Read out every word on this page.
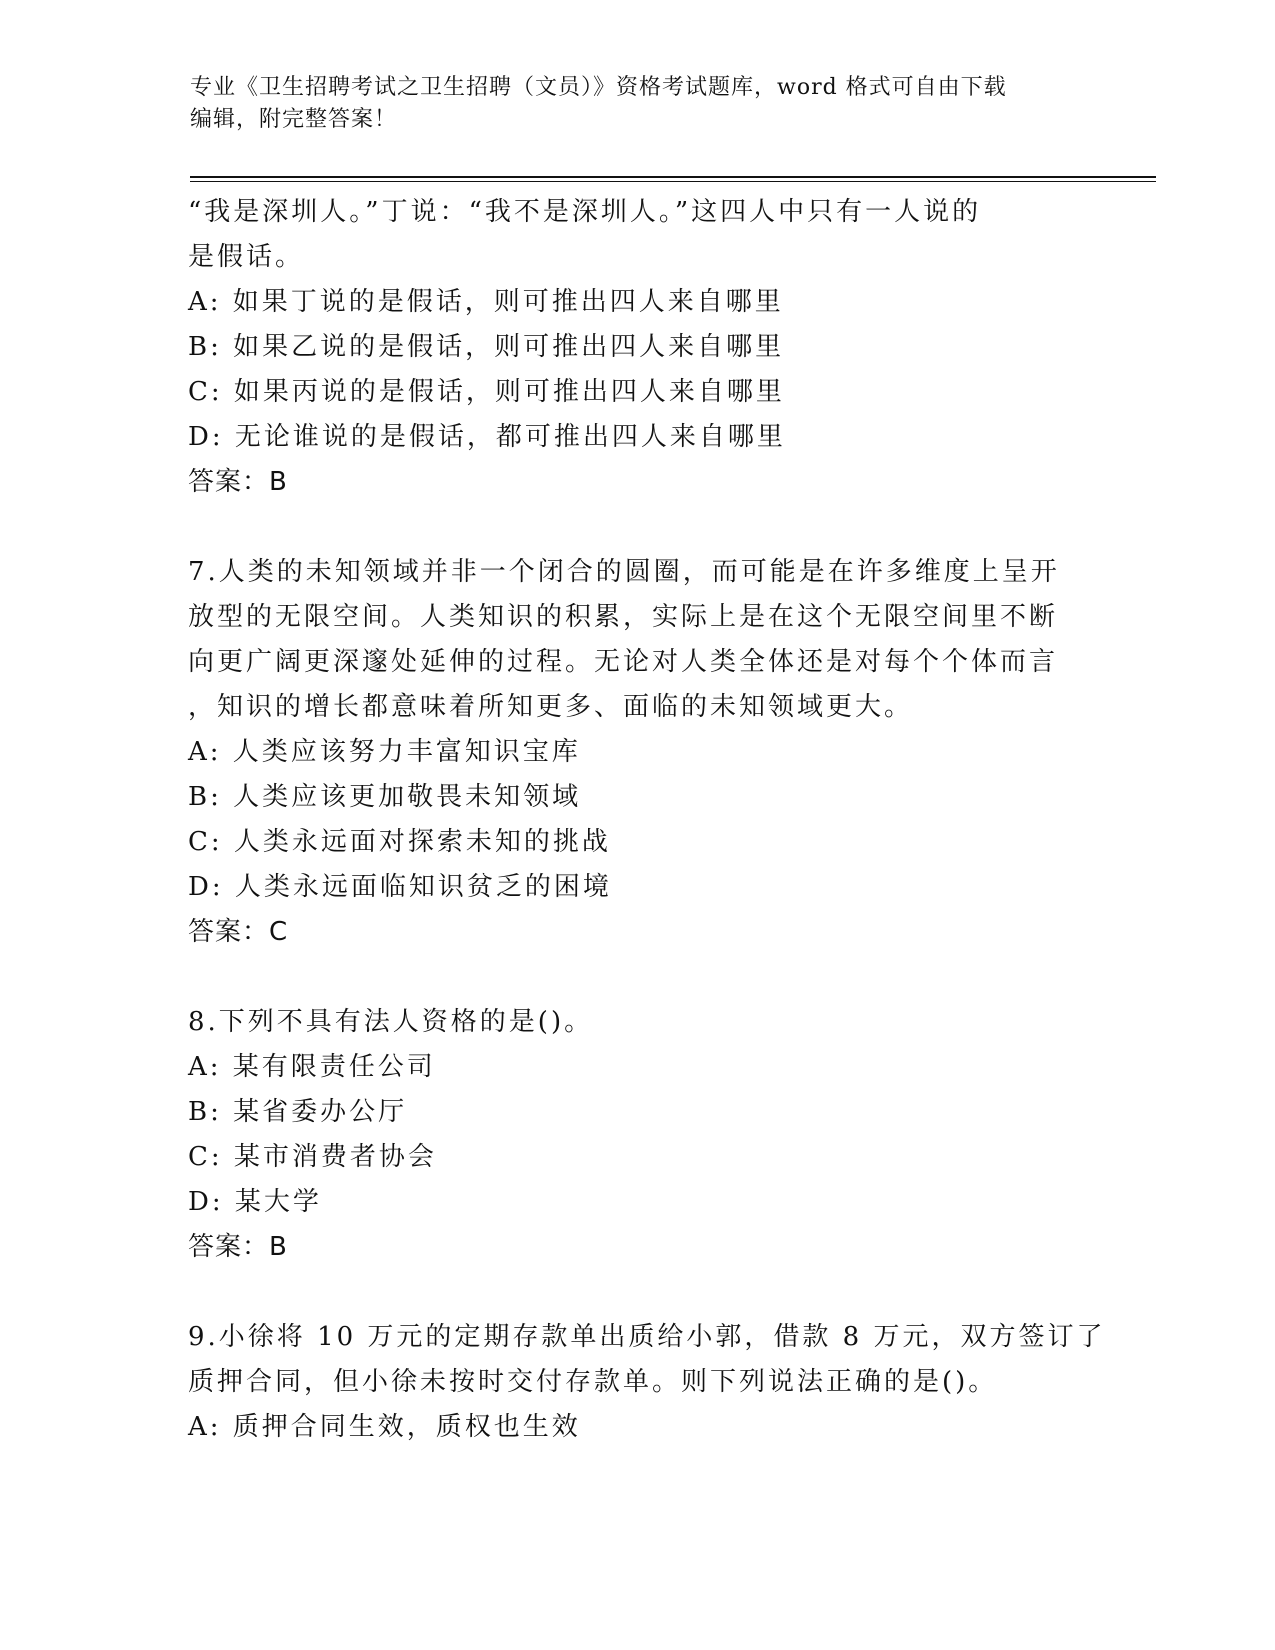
专业《卫生招聘考试之卫生招聘（文员）》资格考试题库，word 格式可自由下载
编辑，附完整答案！
“我是深圳人。”丁说：“我不是深圳人。”这四人中只有一人说的
是假话。
A: 如果丁说的是假话，则可推出四人来自哪里
B: 如果乙说的是假话，则可推出四人来自哪里
C: 如果丙说的是假话，则可推出四人来自哪里
D: 无论谁说的是假话，都可推出四人来自哪里
答案：B
7.人类的未知领域并非一个闭合的圆圈，而可能是在许多维度上呈开
放型的无限空间。人类知识的积累，实际上是在这个无限空间里不断
向更广阔更深邃处延伸的过程。无论对人类全体还是对每个个体而言
，知识的增长都意味着所知更多、面临的未知领域更大。
A: 人类应该努力丰富知识宝库
B: 人类应该更加敬畏未知领域
C: 人类永远面对探索未知的挑战
D: 人类永远面临知识贫乏的困境
答案：C
8.下列不具有法人资格的是()。
A: 某有限责任公司
B: 某省委办公厅
C: 某市消费者协会
D: 某大学
答案：B
9.小徐将 10 万元的定期存款单出质给小郭，借款 8 万元，双方签订了
质押合同，但小徐未按时交付存款单。则下列说法正确的是()。
A: 质押合同生效，质权也生效
